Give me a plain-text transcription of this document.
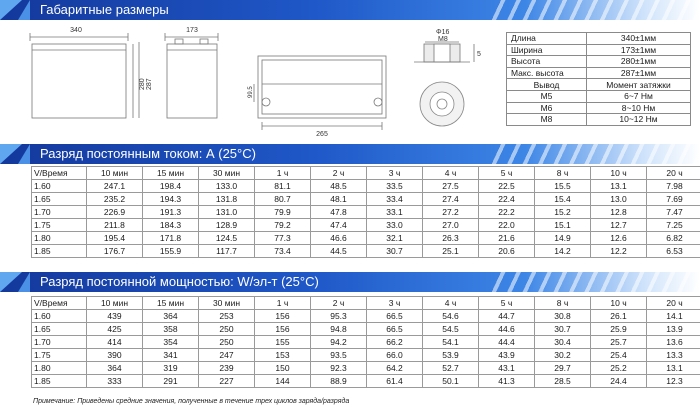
Габаритные размеры
340
280 287
173
99.5
265
Φ16
M8
5
Длина	340±1мм
Ширина	173±1мм
Высота	280±1мм
Макс. высота	287±1мм
Вывод	Момент затяжки
M5	6~7 Нм
M6	8~10 Нм
M8	10~12 Нм
Разряд постоянным током: А (25°С)
V/Время	10 мин	15 мин	30 мин	1 ч	2 ч	3 ч	4 ч	5 ч	8 ч	10 ч	20 ч
1.60	247.1	198.4	133.0	81.1	48.5	33.5	27.5	22.5	15.5	13.1	7.98
1.65	235.2	194.3	131.8	80.7	48.1	33.4	27.4	22.4	15.4	13.0	7.69
1.70	226.9	191.3	131.0	79.9	47.8	33.1	27.2	22.2	15.2	12.8	7.47
1.75	211.8	184.3	128.9	79.2	47.4	33.0	27.0	22.0	15.1	12.7	7.25
1.80	195.4	171.8	124.5	77.3	46.6	32.1	26.3	21.6	14.9	12.6	6.82
1.85	176.7	155.9	117.7	73.4	44.5	30.7	25.1	20.6	14.2	12.2	6.53
Разряд постоянной мощностью: W/эл-т (25°С)
V/Время	10 мин	15 мин	30 мин	1 ч	2 ч	3 ч	4 ч	5 ч	8 ч	10 ч	20 ч
1.60	439	364	253	156	95.3	66.5	54.6	44.7	30.8	26.1	14.1
1.65	425	358	250	156	94.8	66.5	54.5	44.6	30.7	25.9	13.9
1.70	414	354	250	155	94.2	66.2	54.1	44.4	30.4	25.7	13.6
1.75	390	341	247	153	93.5	66.0	53.9	43.9	30.2	25.4	13.3
1.80	364	319	239	150	92.3	64.2	52.7	43.1	29.7	25.2	13.1
1.85	333	291	227	144	88.9	61.4	50.1	41.3	28.5	24.4	12.3
Примечание: Приведены средние значения, полученные в течение трех циклов заряда/разряда
